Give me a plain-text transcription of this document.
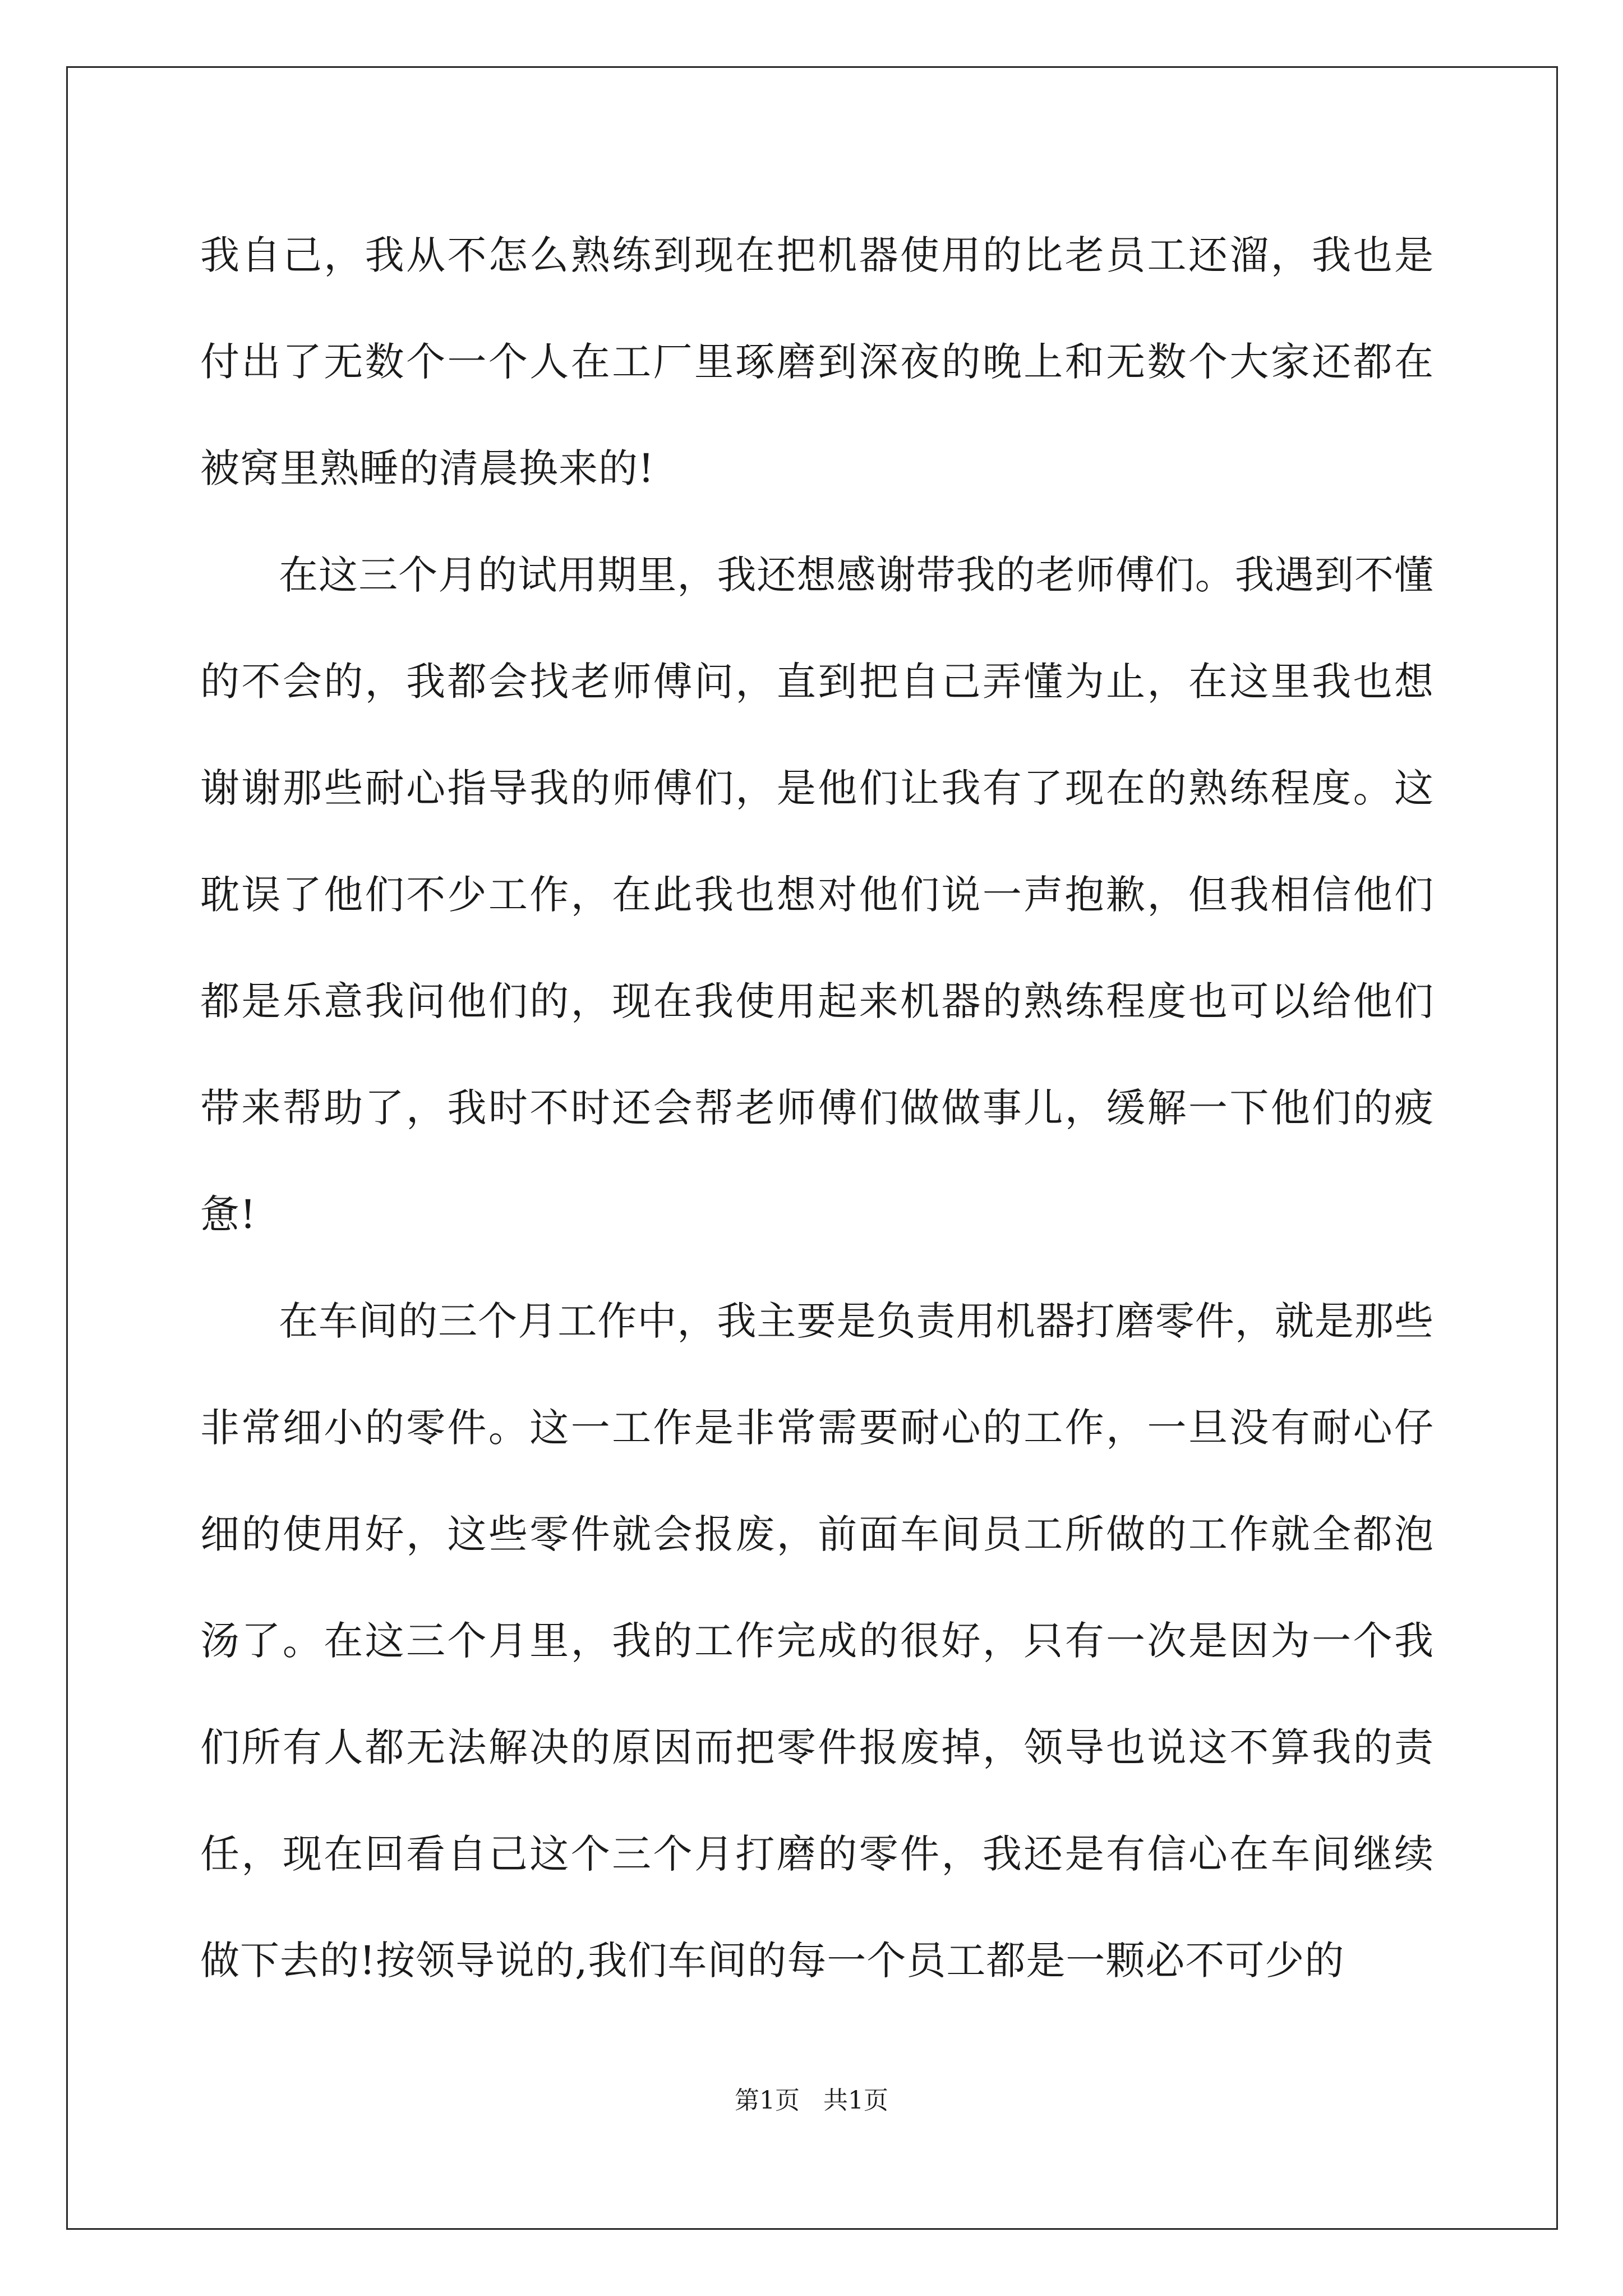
我自己，我从不怎么熟练到现在把机器使用的比老员工还溜，我也是付出了无数个一个人在工厂里琢磨到深夜的晚上和无数个大家还都在被窝里熟睡的清晨换来的!

在这三个月的试用期里，我还想感谢带我的老师傅们。我遇到不懂的不会的，我都会找老师傅问，直到把自己弄懂为止，在这里我也想谢谢那些耐心指导我的师傅们，是他们让我有了现在的熟练程度。这耽误了他们不少工作，在此我也想对他们说一声抱歉，但我相信他们都是乐意我问他们的，现在我使用起来机器的熟练程度也可以给他们带来帮助了，我时不时还会帮老师傅们做做事儿，缓解一下他们的疲惫!

在车间的三个月工作中，我主要是负责用机器打磨零件，就是那些非常细小的零件。这一工作是非常需要耐心的工作，一旦没有耐心仔细的使用好，这些零件就会报废，前面车间员工所做的工作就全都泡汤了。在这三个月里，我的工作完成的很好，只有一次是因为一个我们所有人都无法解决的原因而把零件报废掉，领导也说这不算我的责任，现在回看自己这个三个月打磨的零件，我还是有信心在车间继续做下去的!按领导说的,我们车间的每一个员工都是一颗必不可少的

第1页   共1页
